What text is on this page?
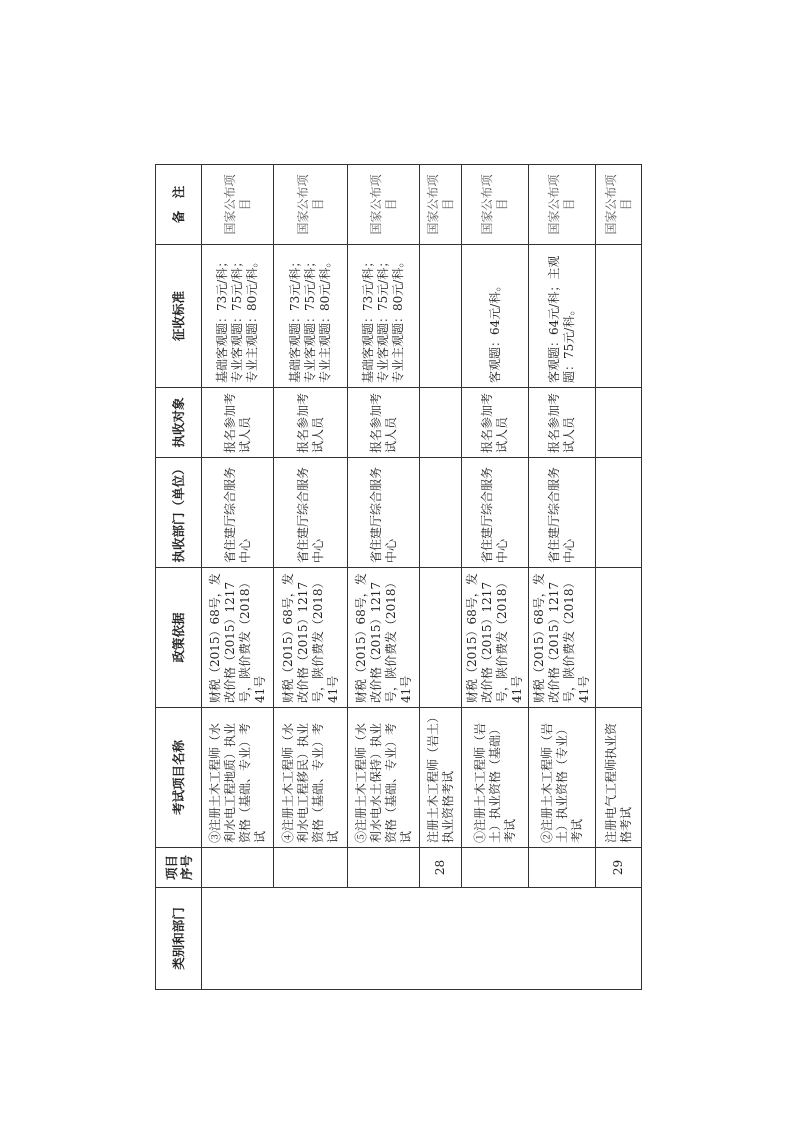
类别和部门	项目序号	考试项目名称	政策依据	执收部门（单位）	执收对象	征收标准	备　注
		③注册土木工程师（水利水电工程地质）执业资格（基础、专业）考试	财税（2015）68号，发改价格（2015）1217号，陕价费发（2018）41号	省住建厅综合服务中心	报名参加考试人员	基础客观题：73元/科；专业客观题：75元/科；专业主观题：80元/科。	国家公布项目
		④注册土木工程师（水利水电工程移民）执业资格（基础、专业）考试	财税（2015）68号，发改价格（2015）1217号，陕价费发（2018）41号	省住建厅综合服务中心	报名参加考试人员	基础客观题：73元/科；专业客观题：75元/科；专业主观题：80元/科。	国家公布项目
		⑤注册土木工程师（水利水电水土保持）执业资格（基础、专业）考试	财税（2015）68号，发改价格（2015）1217号，陕价费发（2018）41号	省住建厅综合服务中心	报名参加考试人员	基础客观题：73元/科；专业客观题：75元/科；专业主观题：80元/科。	国家公布项目
	28	注册土木工程师（岩土）执业资格考试					国家公布项目
		①注册土木工程师（岩土）执业资格（基础）考试	财税（2015）68号，发改价格（2015）1217号，陕价费发（2018）41号	省住建厅综合服务中心	报名参加考试人员	客观题：64元/科。	国家公布项目
		②注册土木工程师（岩土）执业资格（专业）考试	财税（2015）68号，发改价格（2015）1217号，陕价费发（2018）41号	省住建厅综合服务中心	报名参加考试人员	客观题：64元/科；主观题：75元/科。	国家公布项目
	29	注册电气工程师执业资格考试					国家公布项目
